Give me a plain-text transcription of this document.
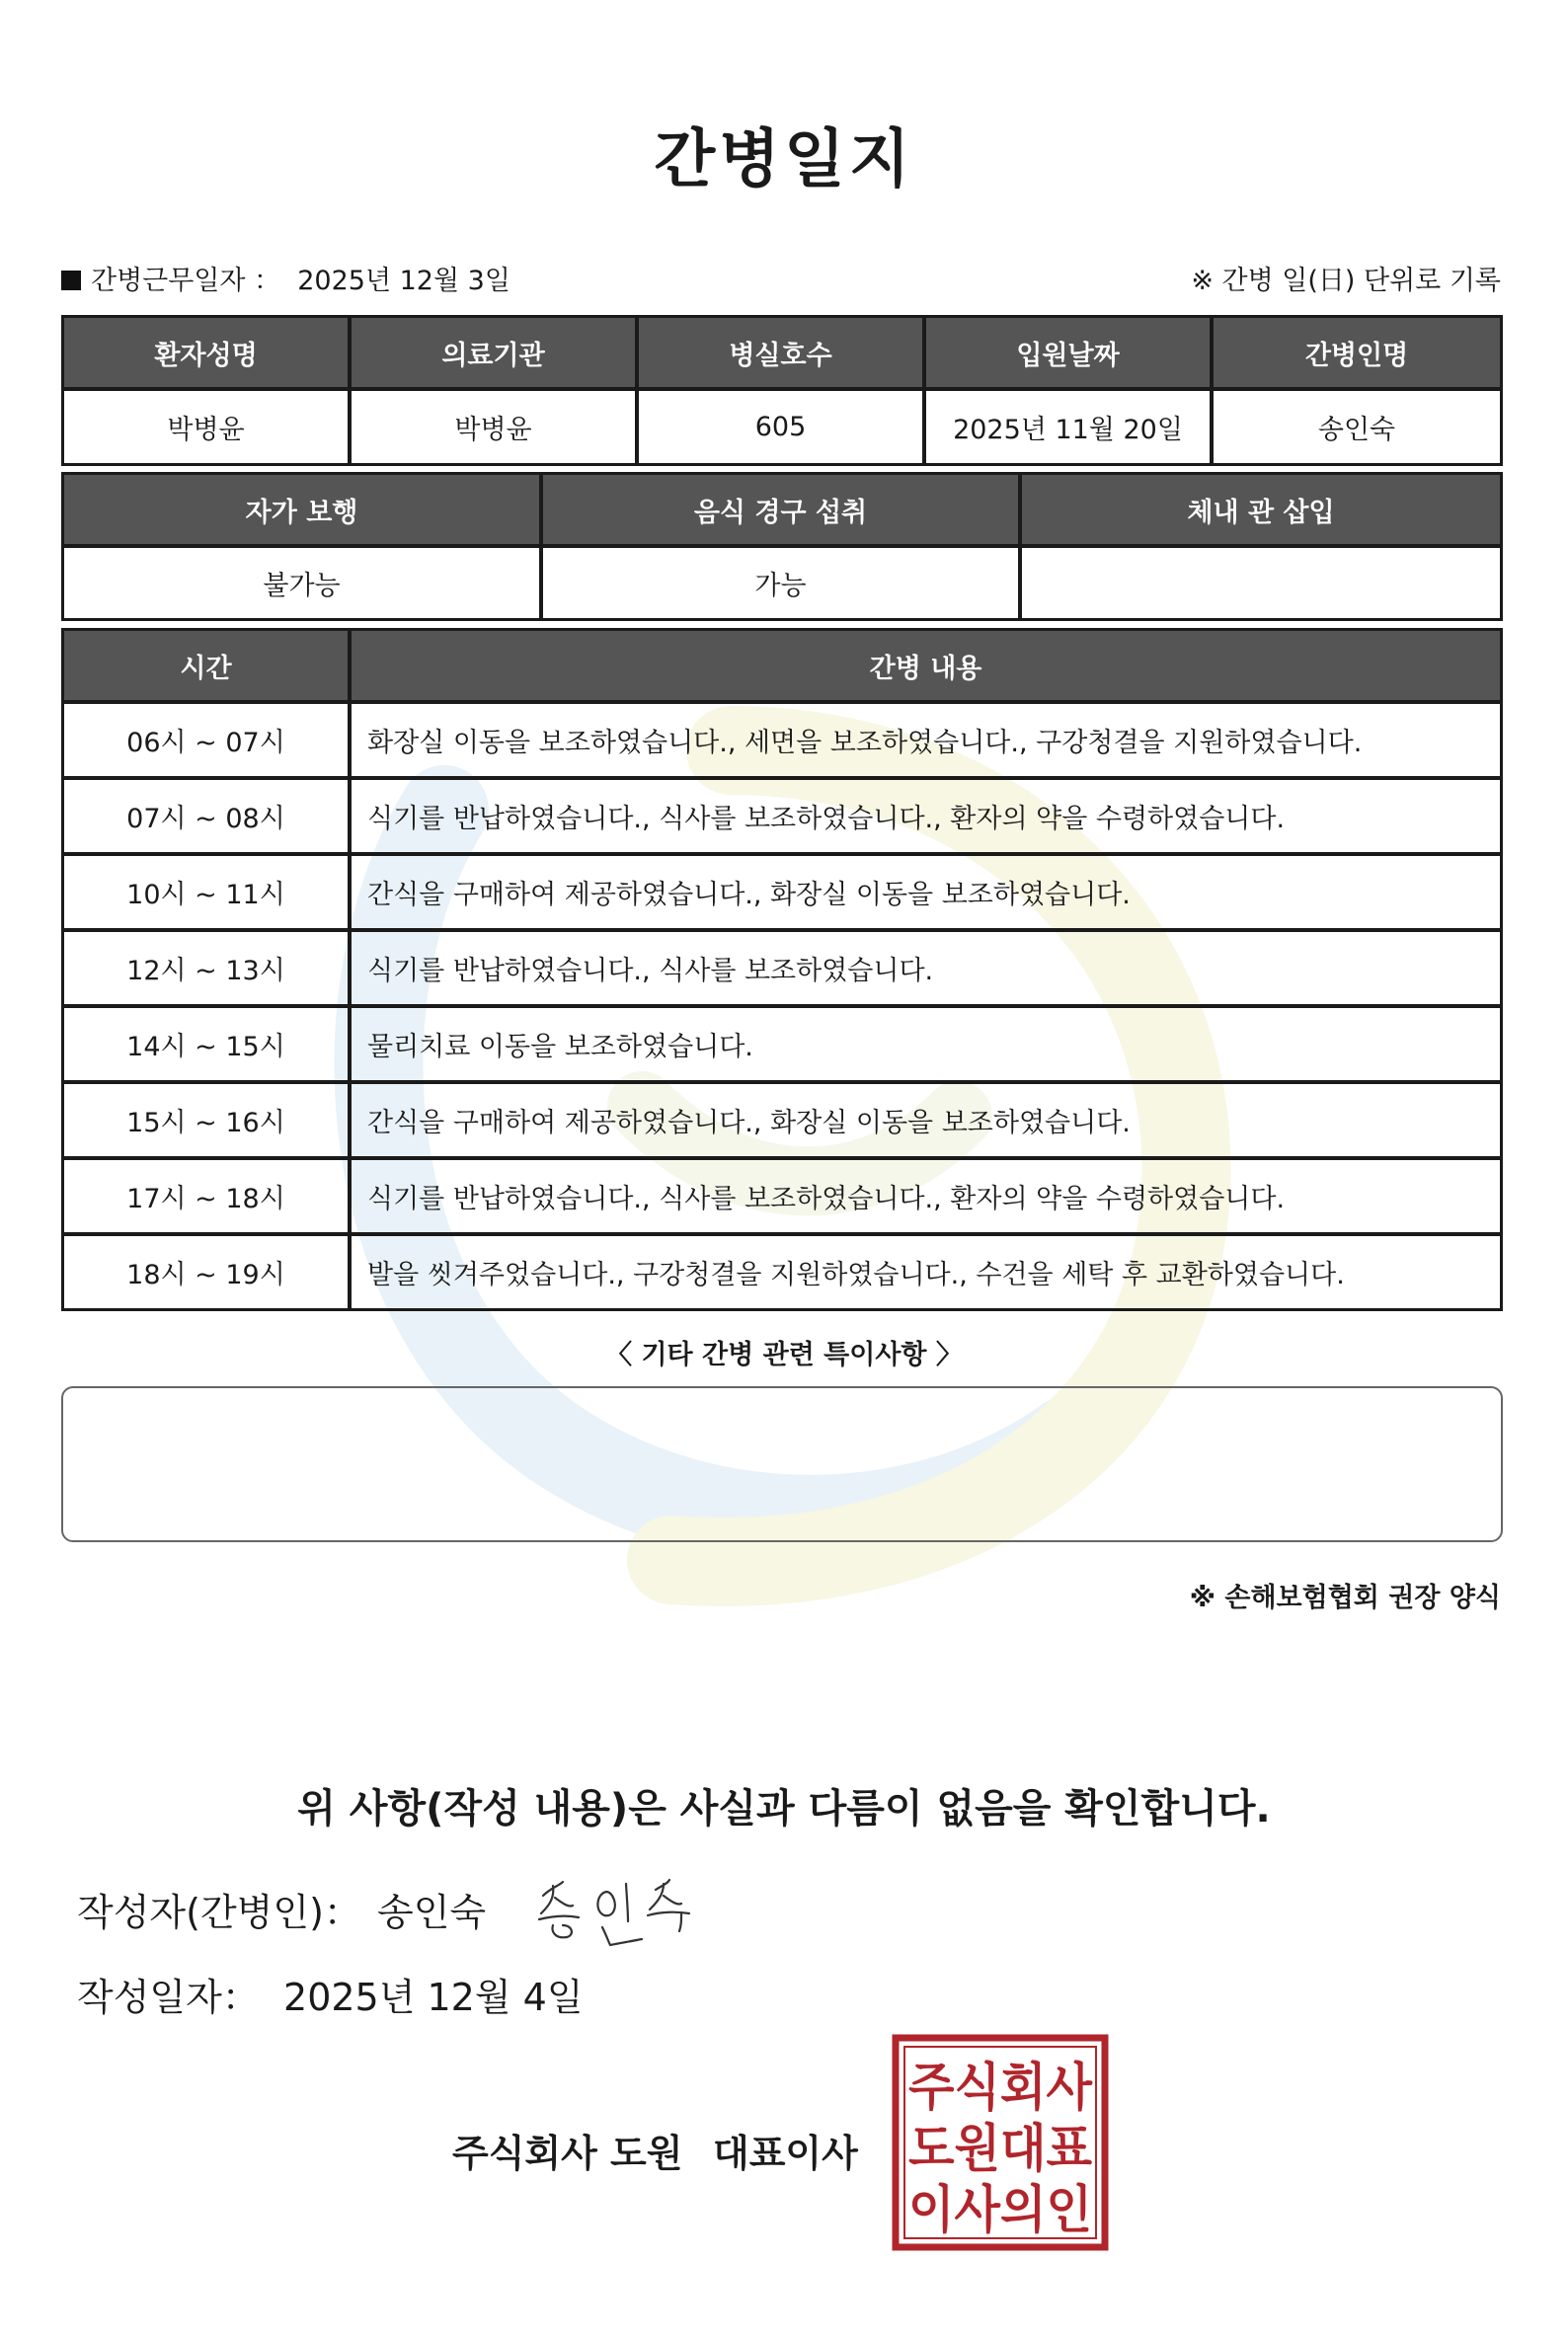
간병일지
간병근무일자 ： 2025년 12월 3일	※ 간병 일(日) 단위로 기록
환자성명	의료기관	병실호수	입원날짜	간병인명
박병윤	박병윤	605	2025년 11월 20일	송인숙
자가 보행	음식 경구 섭취	체내 관 삽입
불가능	가능
시간	간병 내용
06시 ~ 07시	화장실 이동을 보조하였습니다., 세면을 보조하였습니다., 구강청결을 지원하였습니다.
07시 ~ 08시	식기를 반납하였습니다., 식사를 보조하였습니다., 환자의 약을 수령하였습니다.
10시 ~ 11시	간식을 구매하여 제공하였습니다., 화장실 이동을 보조하였습니다.
12시 ~ 13시	식기를 반납하였습니다., 식사를 보조하였습니다.
14시 ~ 15시	물리치료 이동을 보조하였습니다.
15시 ~ 16시	간식을 구매하여 제공하였습니다., 화장실 이동을 보조하였습니다.
17시 ~ 18시	식기를 반납하였습니다., 식사를 보조하였습니다., 환자의 약을 수령하였습니다.
18시 ~ 19시	발을 씻겨주었습니다., 구강청결을 지원하였습니다., 수건을 세탁 후 교환하였습니다.
〈 기타 간병 관련 특이사항 〉
※ 손해보험협회 권장 양식
위 사항(작성 내용)은 사실과 다름이 없음을 확인합니다.
작성자(간병인)： 송인숙
작성일자： 2025년 12월 4일
주식회사 도원 대표이사
주식회사
도원대표
이사의인
